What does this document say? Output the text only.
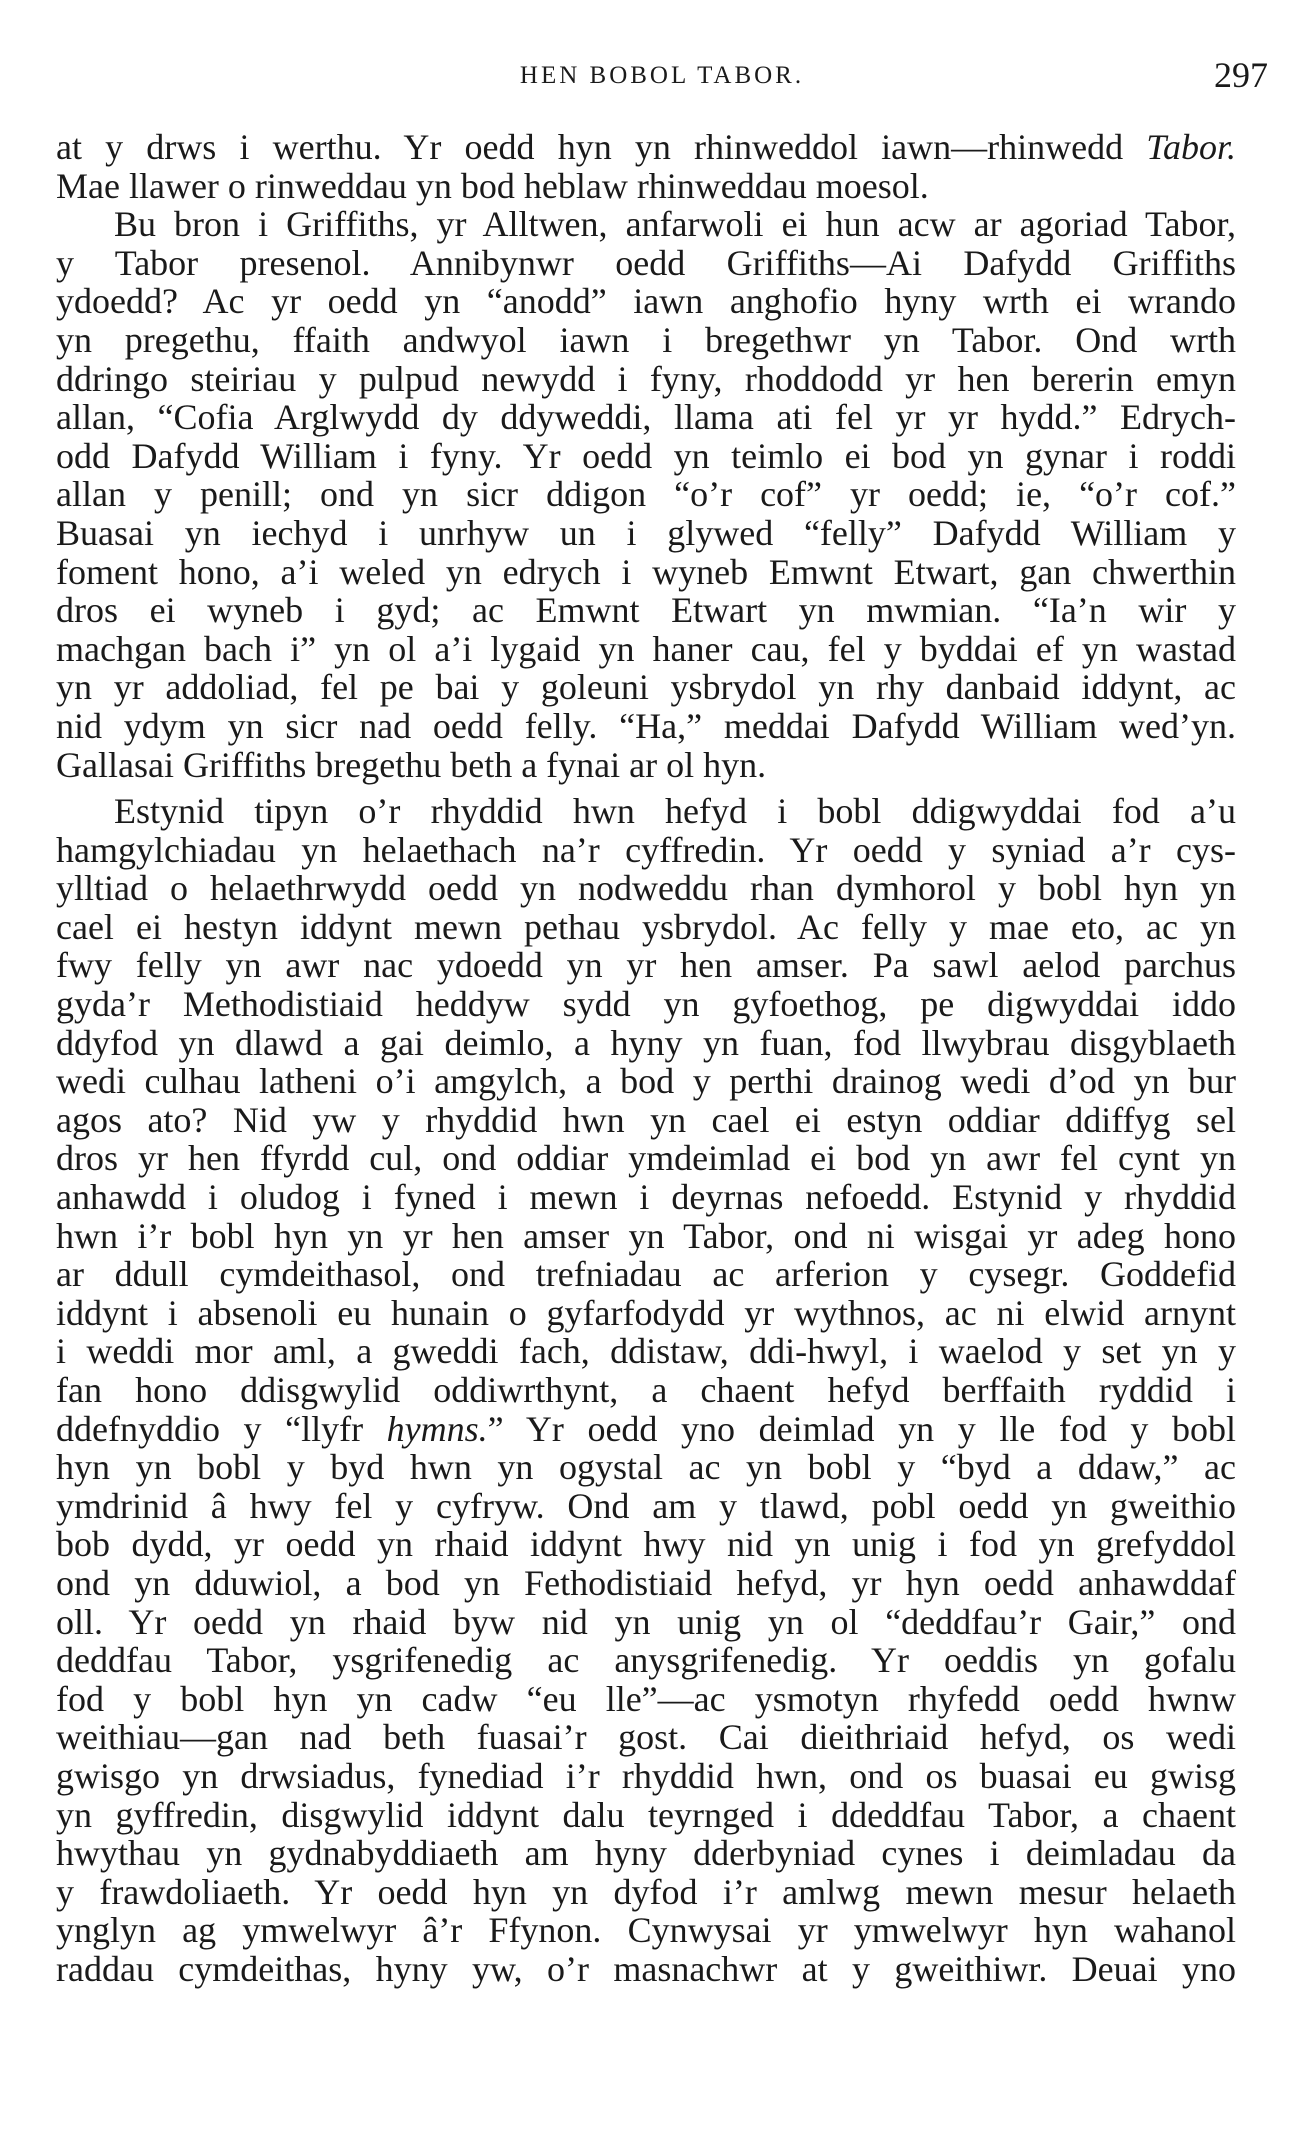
HEN BOBOL TABOR.	297
at y drws i werthu. Yr oedd hyn yn rhinweddol iawn—rhinwedd Tabor.
Mae llawer o rinweddau yn bod heblaw rhinweddau moesol.
Bu bron i Griffiths, yr Alltwen, anfarwoli ei hun acw ar agoriad Tabor,
y Tabor presenol. Annibynwr oedd Griffiths—Ai Dafydd Griffiths
ydoedd? Ac yr oedd yn “anodd” iawn anghofio hyny wrth ei wrando
yn pregethu, ffaith andwyol iawn i bregethwr yn Tabor. Ond wrth
ddringo steiriau y pulpud newydd i fyny, rhoddodd yr hen bererin emyn
allan, “Cofia Arglwydd dy ddyweddi, llama ati fel yr yr hydd.” Edrych-
odd Dafydd William i fyny. Yr oedd yn teimlo ei bod yn gynar i roddi
allan y penill; ond yn sicr ddigon “o’r cof” yr oedd; ie, “o’r cof.”
Buasai yn iechyd i unrhyw un i glywed “felly” Dafydd William y
foment hono, a’i weled yn edrych i wyneb Emwnt Etwart, gan chwerthin
dros ei wyneb i gyd; ac Emwnt Etwart yn mwmian. “Ia’n wir y
machgan bach i” yn ol a’i lygaid yn haner cau, fel y byddai ef yn wastad
yn yr addoliad, fel pe bai y goleuni ysbrydol yn rhy danbaid iddynt, ac
nid ydym yn sicr nad oedd felly. “Ha,” meddai Dafydd William wed’yn.
Gallasai Griffiths bregethu beth a fynai ar ol hyn.
Estynid tipyn o’r rhyddid hwn hefyd i bobl ddigwyddai fod a’u
hamgylchiadau yn helaethach na’r cyffredin. Yr oedd y syniad a’r cys-
ylltiad o helaethrwydd oedd yn nodweddu rhan dymhorol y bobl hyn yn
cael ei hestyn iddynt mewn pethau ysbrydol. Ac felly y mae eto, ac yn
fwy felly yn awr nac ydoedd yn yr hen amser. Pa sawl aelod parchus
gyda’r Methodistiaid heddyw sydd yn gyfoethog, pe digwyddai iddo
ddyfod yn dlawd a gai deimlo, a hyny yn fuan, fod llwybrau disgyblaeth
wedi culhau latheni o’i amgylch, a bod y perthi drainog wedi d’od yn bur
agos ato? Nid yw y rhyddid hwn yn cael ei estyn oddiar ddiffyg sel
dros yr hen ffyrdd cul, ond oddiar ymdeimlad ei bod yn awr fel cynt yn
anhawdd i oludog i fyned i mewn i deyrnas nefoedd. Estynid y rhyddid
hwn i’r bobl hyn yn yr hen amser yn Tabor, ond ni wisgai yr adeg hono
ar ddull cymdeithasol, ond trefniadau ac arferion y cysegr. Goddefid
iddynt i absenoli eu hunain o gyfarfodydd yr wythnos, ac ni elwid arnynt
i weddi mor aml, a gweddi fach, ddistaw, ddi-hwyl, i waelod y set yn y
fan hono ddisgwylid oddiwrthynt, a chaent hefyd berffaith ryddid i
ddefnyddio y “llyfr hymns.” Yr oedd yno deimlad yn y lle fod y bobl
hyn yn bobl y byd hwn yn ogystal ac yn bobl y “byd a ddaw,” ac
ymdrinid â hwy fel y cyfryw. Ond am y tlawd, pobl oedd yn gweithio
bob dydd, yr oedd yn rhaid iddynt hwy nid yn unig i fod yn grefyddol
ond yn dduwiol, a bod yn Fethodistiaid hefyd, yr hyn oedd anhawddaf
oll. Yr oedd yn rhaid byw nid yn unig yn ol “deddfau’r Gair,” ond
deddfau Tabor, ysgrifenedig ac anysgrifenedig. Yr oeddis yn gofalu
fod y bobl hyn yn cadw “eu lle”—ac ysmotyn rhyfedd oedd hwnw
weithiau—gan nad beth fuasai’r gost. Cai dieithriaid hefyd, os wedi
gwisgo yn drwsiadus, fynediad i’r rhyddid hwn, ond os buasai eu gwisg
yn gyffredin, disgwylid iddynt dalu teyrnged i ddeddfau Tabor, a chaent
hwythau yn gydnabyddiaeth am hyny dderbyniad cynes i deimladau da
y frawdoliaeth. Yr oedd hyn yn dyfod i’r amlwg mewn mesur helaeth
ynglyn ag ymwelwyr â’r Ffynon. Cynwysai yr ymwelwyr hyn wahanol
raddau cymdeithas, hyny yw, o’r masnachwr at y gweithiwr. Deuai yno
